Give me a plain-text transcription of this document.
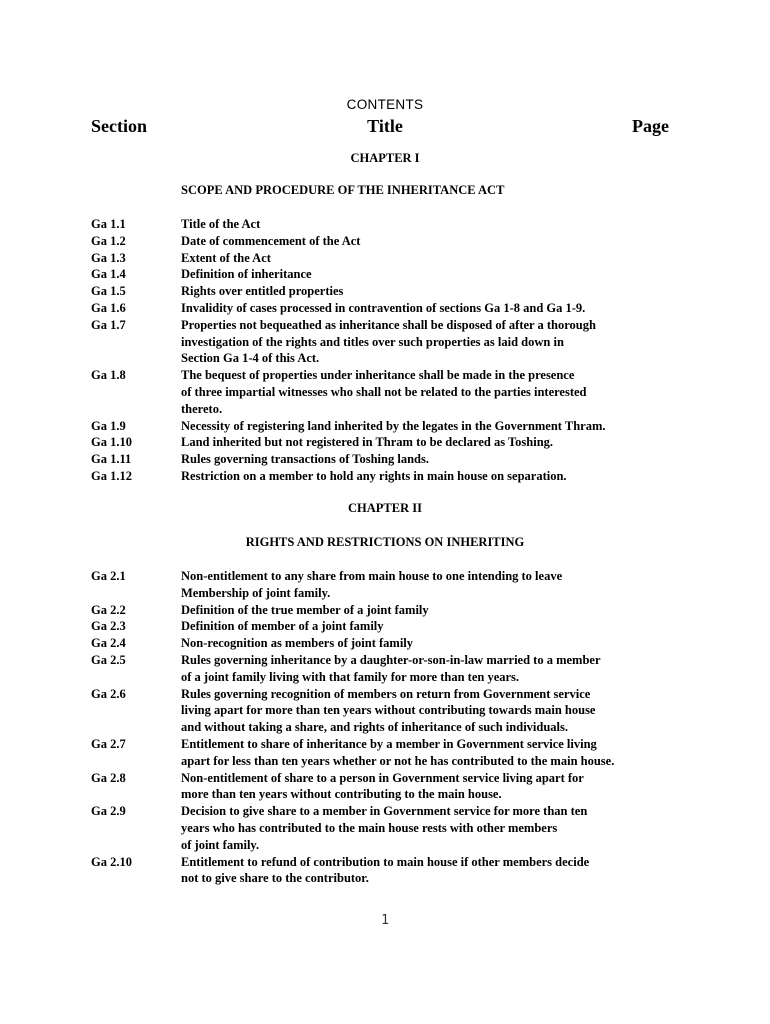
CONTENTS
Section	Title	Page
CHAPTER I
SCOPE AND PROCEDURE OF THE INHERITANCE ACT
Ga 1.1	Title of the Act
Ga 1.2	Date of commencement of the Act
Ga 1.3	Extent of the Act
Ga 1.4	Definition of inheritance
Ga 1.5	Rights over entitled properties
Ga 1.6	Invalidity of cases processed in contravention of sections Ga 1-8 and Ga 1-9.
Ga 1.7	Properties not bequeathed as inheritance shall be disposed of after a thorough
investigation of the rights and titles over such properties as laid down in
Section Ga 1-4 of this Act.
Ga 1.8	The bequest of properties under inheritance shall be made in the presence
of three impartial witnesses who shall not be related to the parties interested
thereto.
Ga 1.9	Necessity of registering land inherited by the legates in the Government Thram.
Ga 1.10	Land inherited but not registered in Thram to be declared as Toshing.
Ga 1.11	Rules governing transactions of Toshing lands.
Ga 1.12	Restriction on a member to hold any rights in main house on separation.
CHAPTER II
RIGHTS AND RESTRICTIONS ON INHERITING
Ga 2.1	Non-entitlement to any share from main house to one intending to leave
Membership of joint family.
Ga 2.2	Definition of the true member of a joint family
Ga 2.3	Definition of member of a joint family
Ga 2.4	Non-recognition as members of joint family
Ga 2.5	Rules governing inheritance by a daughter-or-son-in-law married to a member
of a joint family living with that family for more than ten years.
Ga 2.6	Rules governing recognition of members on return from Government service
living apart for more than ten years without contributing towards main house
and without taking a share, and rights of inheritance of such individuals.
Ga 2.7	Entitlement to share of inheritance by a member in Government service living
apart for less than ten years whether or not he has contributed to the main house.
Ga 2.8	Non-entitlement of share to a person in Government service living apart for
more than ten years without contributing to the main house.
Ga 2.9	Decision to give share to a member in Government service for more than ten
years who has contributed to the main house rests with other members
of joint family.
Ga 2.10	Entitlement to refund of contribution to main house if other members decide
not to give share to the contributor.
1
